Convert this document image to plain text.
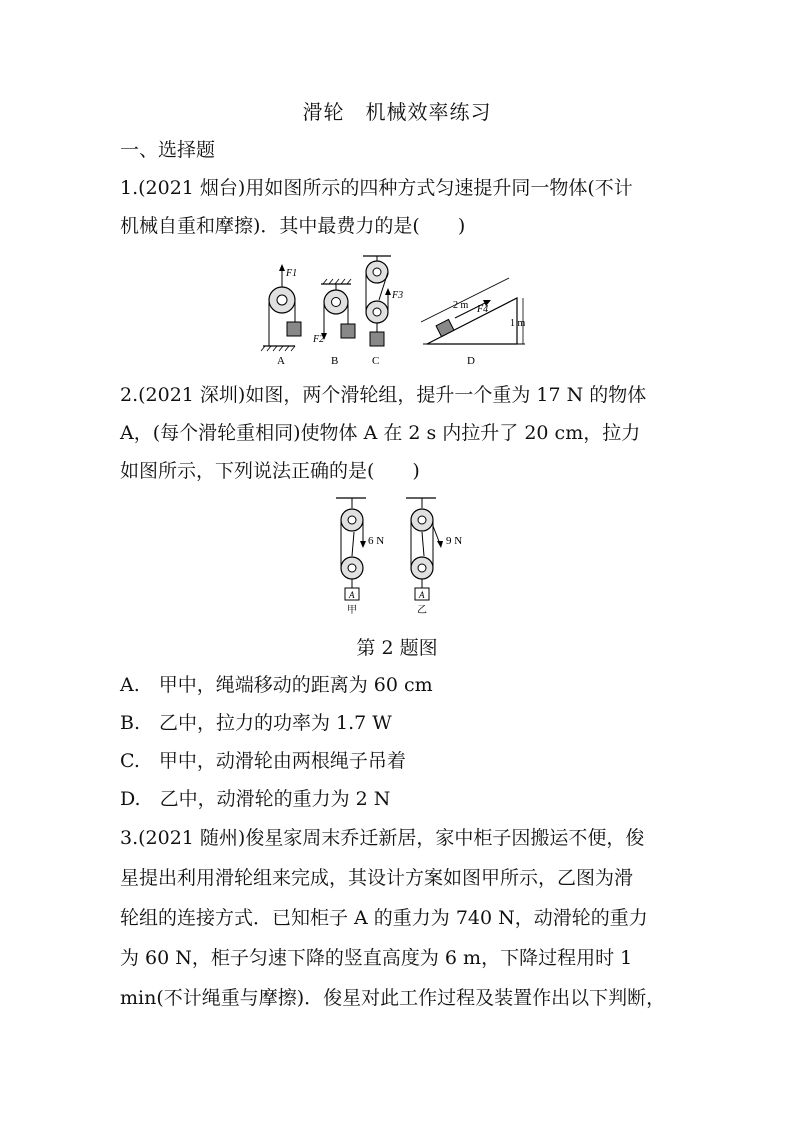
滑轮　机械效率练习
一、选择题
1.(2021 烟台)用如图所示的四种方式匀速提升同一物体(不计
机械自重和摩擦)．其中最费力的是(　　)
F1
A
F2
B
F3
C
2 m F4
1 m
D
2.(2021 深圳)如图，两个滑轮组，提升一个重为 17 N 的物体
A，(每个滑轮重相同)使物体 A 在 2 s 内拉升了 20 cm，拉力
如图所示，下列说法正确的是(　　)
6 N
A
甲
9 N
A
乙
第 2 题图
A.　甲中，绳端移动的距离为 60 cm
B.　乙中，拉力的功率为 1.7 W
C.　甲中，动滑轮由两根绳子吊着
D.　乙中，动滑轮的重力为 2 N
3.(2021 随州)俊星家周末乔迁新居，家中柜子因搬运不便，俊
星提出利用滑轮组来完成，其设计方案如图甲所示，乙图为滑
轮组的连接方式．已知柜子 A 的重力为 740 N，动滑轮的重力
为 60 N，柜子匀速下降的竖直高度为 6 m，下降过程用时 1
min(不计绳重与摩擦)．俊星对此工作过程及装置作出以下判断，
